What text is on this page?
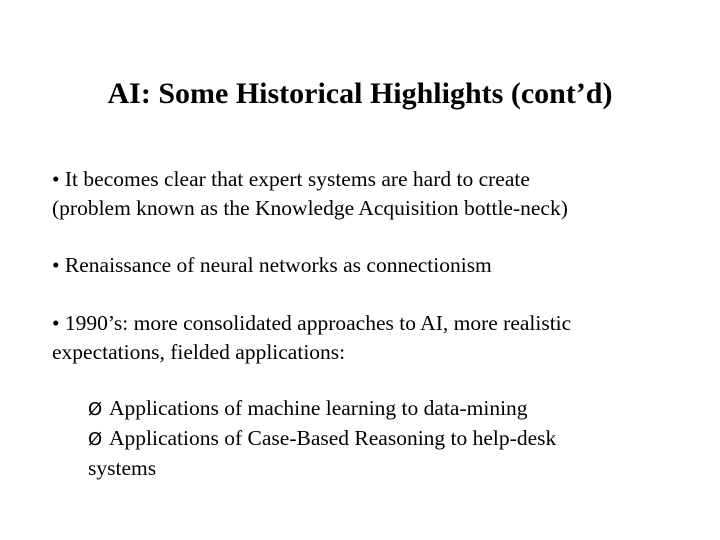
AI: Some Historical Highlights (cont’d)
• It becomes clear that expert systems are hard to create
(problem known as the Knowledge Acquisition bottle-neck)
• Renaissance of neural networks as connectionism
• 1990’s: more consolidated approaches to AI, more realistic
expectations, fielded applications:
Ø Applications of machine learning to data-mining
Ø Applications of Case-Based Reasoning to help-desk
systems
